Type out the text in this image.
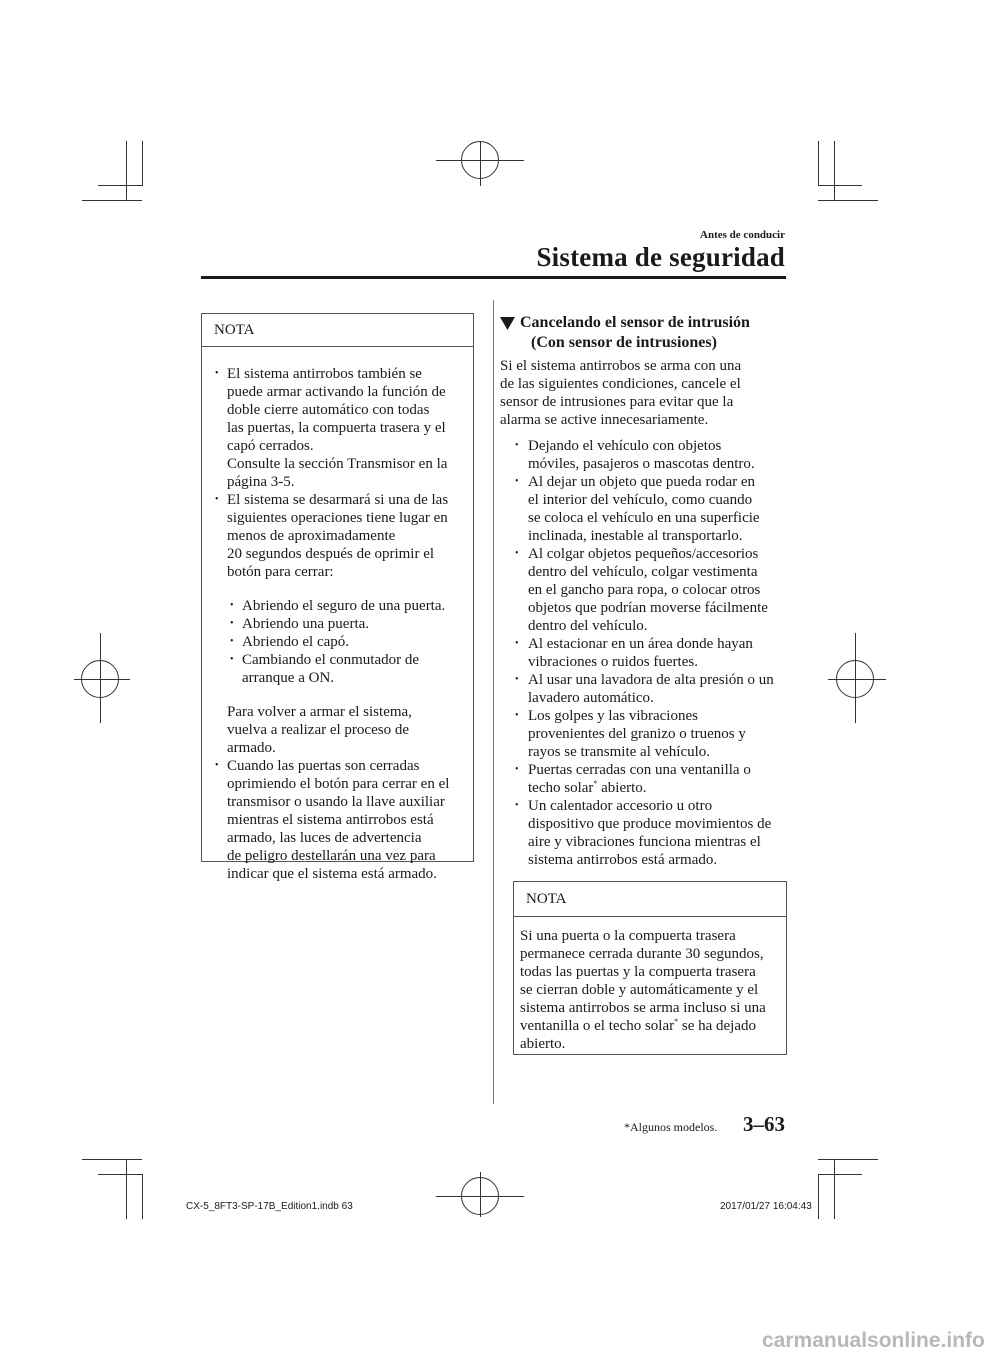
Antes de conducir
Sistema de seguridad
NOTA
• El sistema antirrobos también se
puede armar activando la función de
doble cierre automático con todas
las puertas, la compuerta trasera y el
capó cerrados.
Consulte la sección Transmisor en la
página 3-5.
• El sistema se desarmará si una de las
siguientes operaciones tiene lugar en
menos de aproximadamente
20 segundos después de oprimir el
botón para cerrar:
• Abriendo el seguro de una puerta.
• Abriendo una puerta.
• Abriendo el capó.
• Cambiando el conmutador de
arranque a ON.

Para volver a armar el sistema,
vuelva a realizar el proceso de
armado.

• Cuando las puertas son cerradas
oprimiendo el botón para cerrar en el
transmisor o usando la llave auxiliar
mientras el sistema antirrobos está
armado, las luces de advertencia
de peligro destellarán una vez para
indicar que el sistema está armado.
Cancelando el sensor de intrusión
(Con sensor de intrusiones)
Si el sistema antirrobos se arma con una
de las siguientes condiciones, cancele el
sensor de intrusiones para evitar que la
alarma se active innecesariamente.
• Dejando el vehículo con objetos
móviles, pasajeros o mascotas dentro.
• Al dejar un objeto que pueda rodar en
el interior del vehículo, como cuando
se coloca el vehículo en una superficie
inclinada, inestable al transportarlo.
• Al colgar objetos pequeños/accesorios
dentro del vehículo, colgar vestimenta
en el gancho para ropa, o colocar otros
objetos que podrían moverse fácilmente
dentro del vehículo.
• Al estacionar en un área donde hayan
vibraciones o ruidos fuertes.
• Al usar una lavadora de alta presión o un
lavadero automático.
• Los golpes y las vibraciones
provenientes del granizo o truenos y
rayos se transmite al vehículo.
• Puertas cerradas con una ventanilla o
techo solar* abierto.
• Un calentador accesorio u otro
dispositivo que produce movimientos de
aire y vibraciones funciona mientras el
sistema antirrobos está armado.
NOTA
Si una puerta o la compuerta trasera
permanece cerrada durante 30 segundos,
todas las puertas y la compuerta trasera
se cierran doble y automáticamente y el
sistema antirrobos se arma incluso si una
ventanilla o el techo solar* se ha dejado
abierto.
*Algunos modelos. 3–63
CX-5_8FT3-SP-17B_Edition1.indb 63	2017/01/27 16:04:43
carmanualsonline.info
